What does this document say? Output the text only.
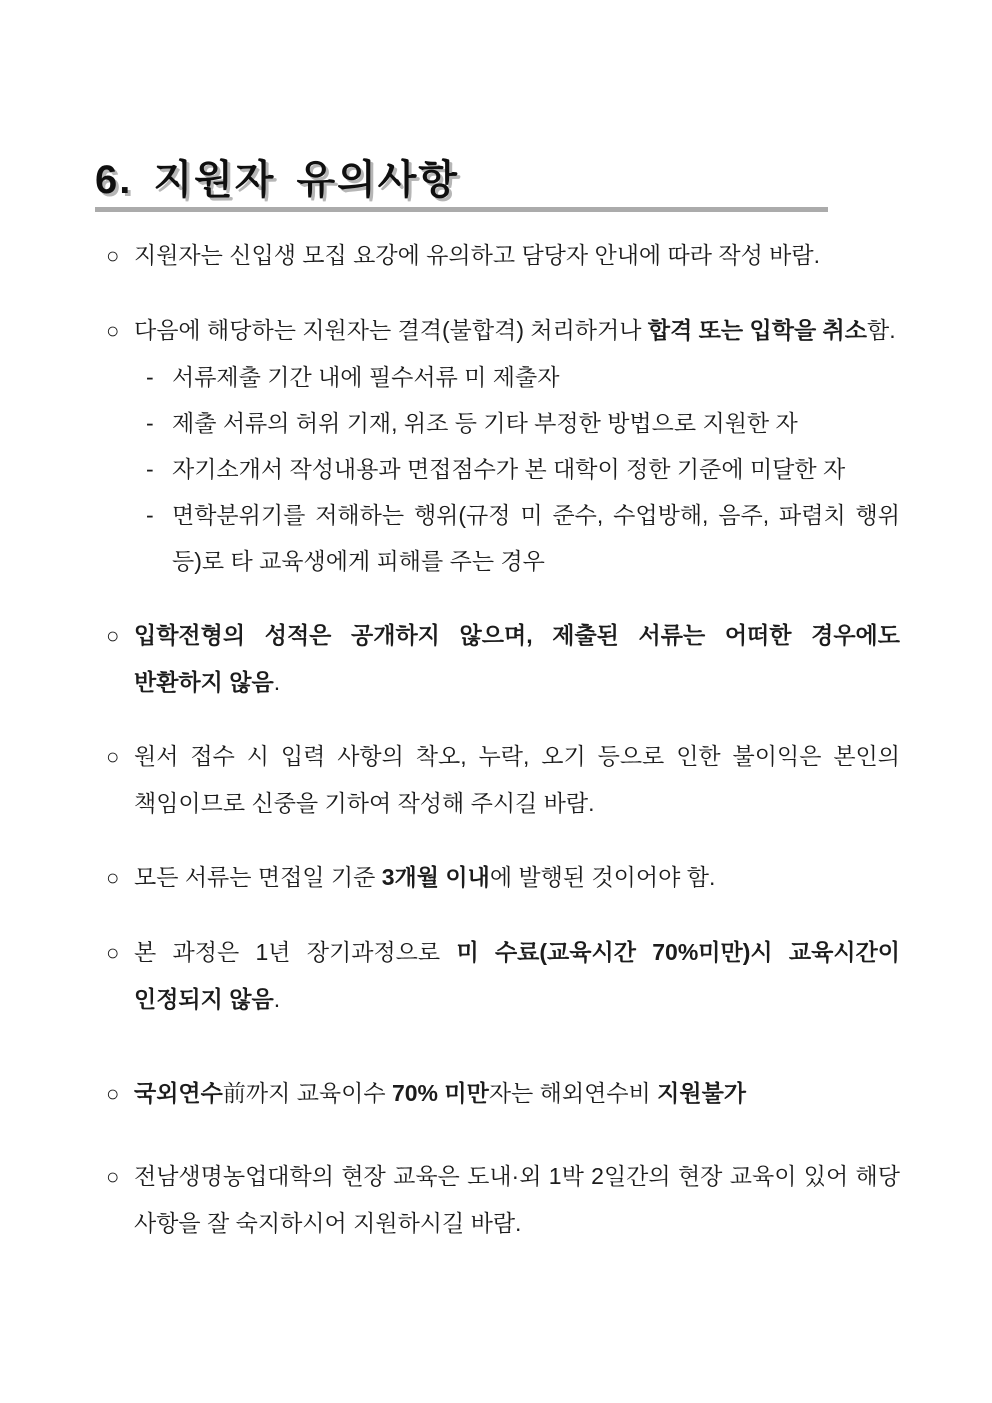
6. 지원자 유의사항
○ 지원자는 신입생 모집 요강에 유의하고 담당자 안내에 따라 작성 바람.
○ 다음에 해당하는 지원자는 결격(불합격) 처리하거나 합격 또는 입학을 취소함.
- 서류제출 기간 내에 필수서류 미 제출자
- 제출 서류의 허위 기재, 위조 등 기타 부정한 방법으로 지원한 자
- 자기소개서 작성내용과 면접점수가 본 대학이 정한 기준에 미달한 자
- 면학분위기를 저해하는 행위(규정 미 준수, 수업방해, 음주, 파렴치 행위 등)로 타 교육생에게 피해를 주는 경우
○ 입학전형의 성적은 공개하지 않으며, 제출된 서류는 어떠한 경우에도 반환하지 않음.
○ 원서 접수 시 입력 사항의 착오, 누락, 오기 등으로 인한 불이익은 본인의 책임이므로 신중을 기하여 작성해 주시길 바람.
○ 모든 서류는 면접일 기준 3개월 이내에 발행된 것이어야 함.
○ 본 과정은 1년 장기과정으로 미 수료(교육시간 70%미만)시 교육시간이 인정되지 않음.
○ 국외연수前까지 교육이수 70% 미만자는 해외연수비 지원불가
○ 전남생명농업대학의 현장 교육은 도내·외 1박 2일간의 현장 교육이 있어 해당 사항을 잘 숙지하시어 지원하시길 바람.
